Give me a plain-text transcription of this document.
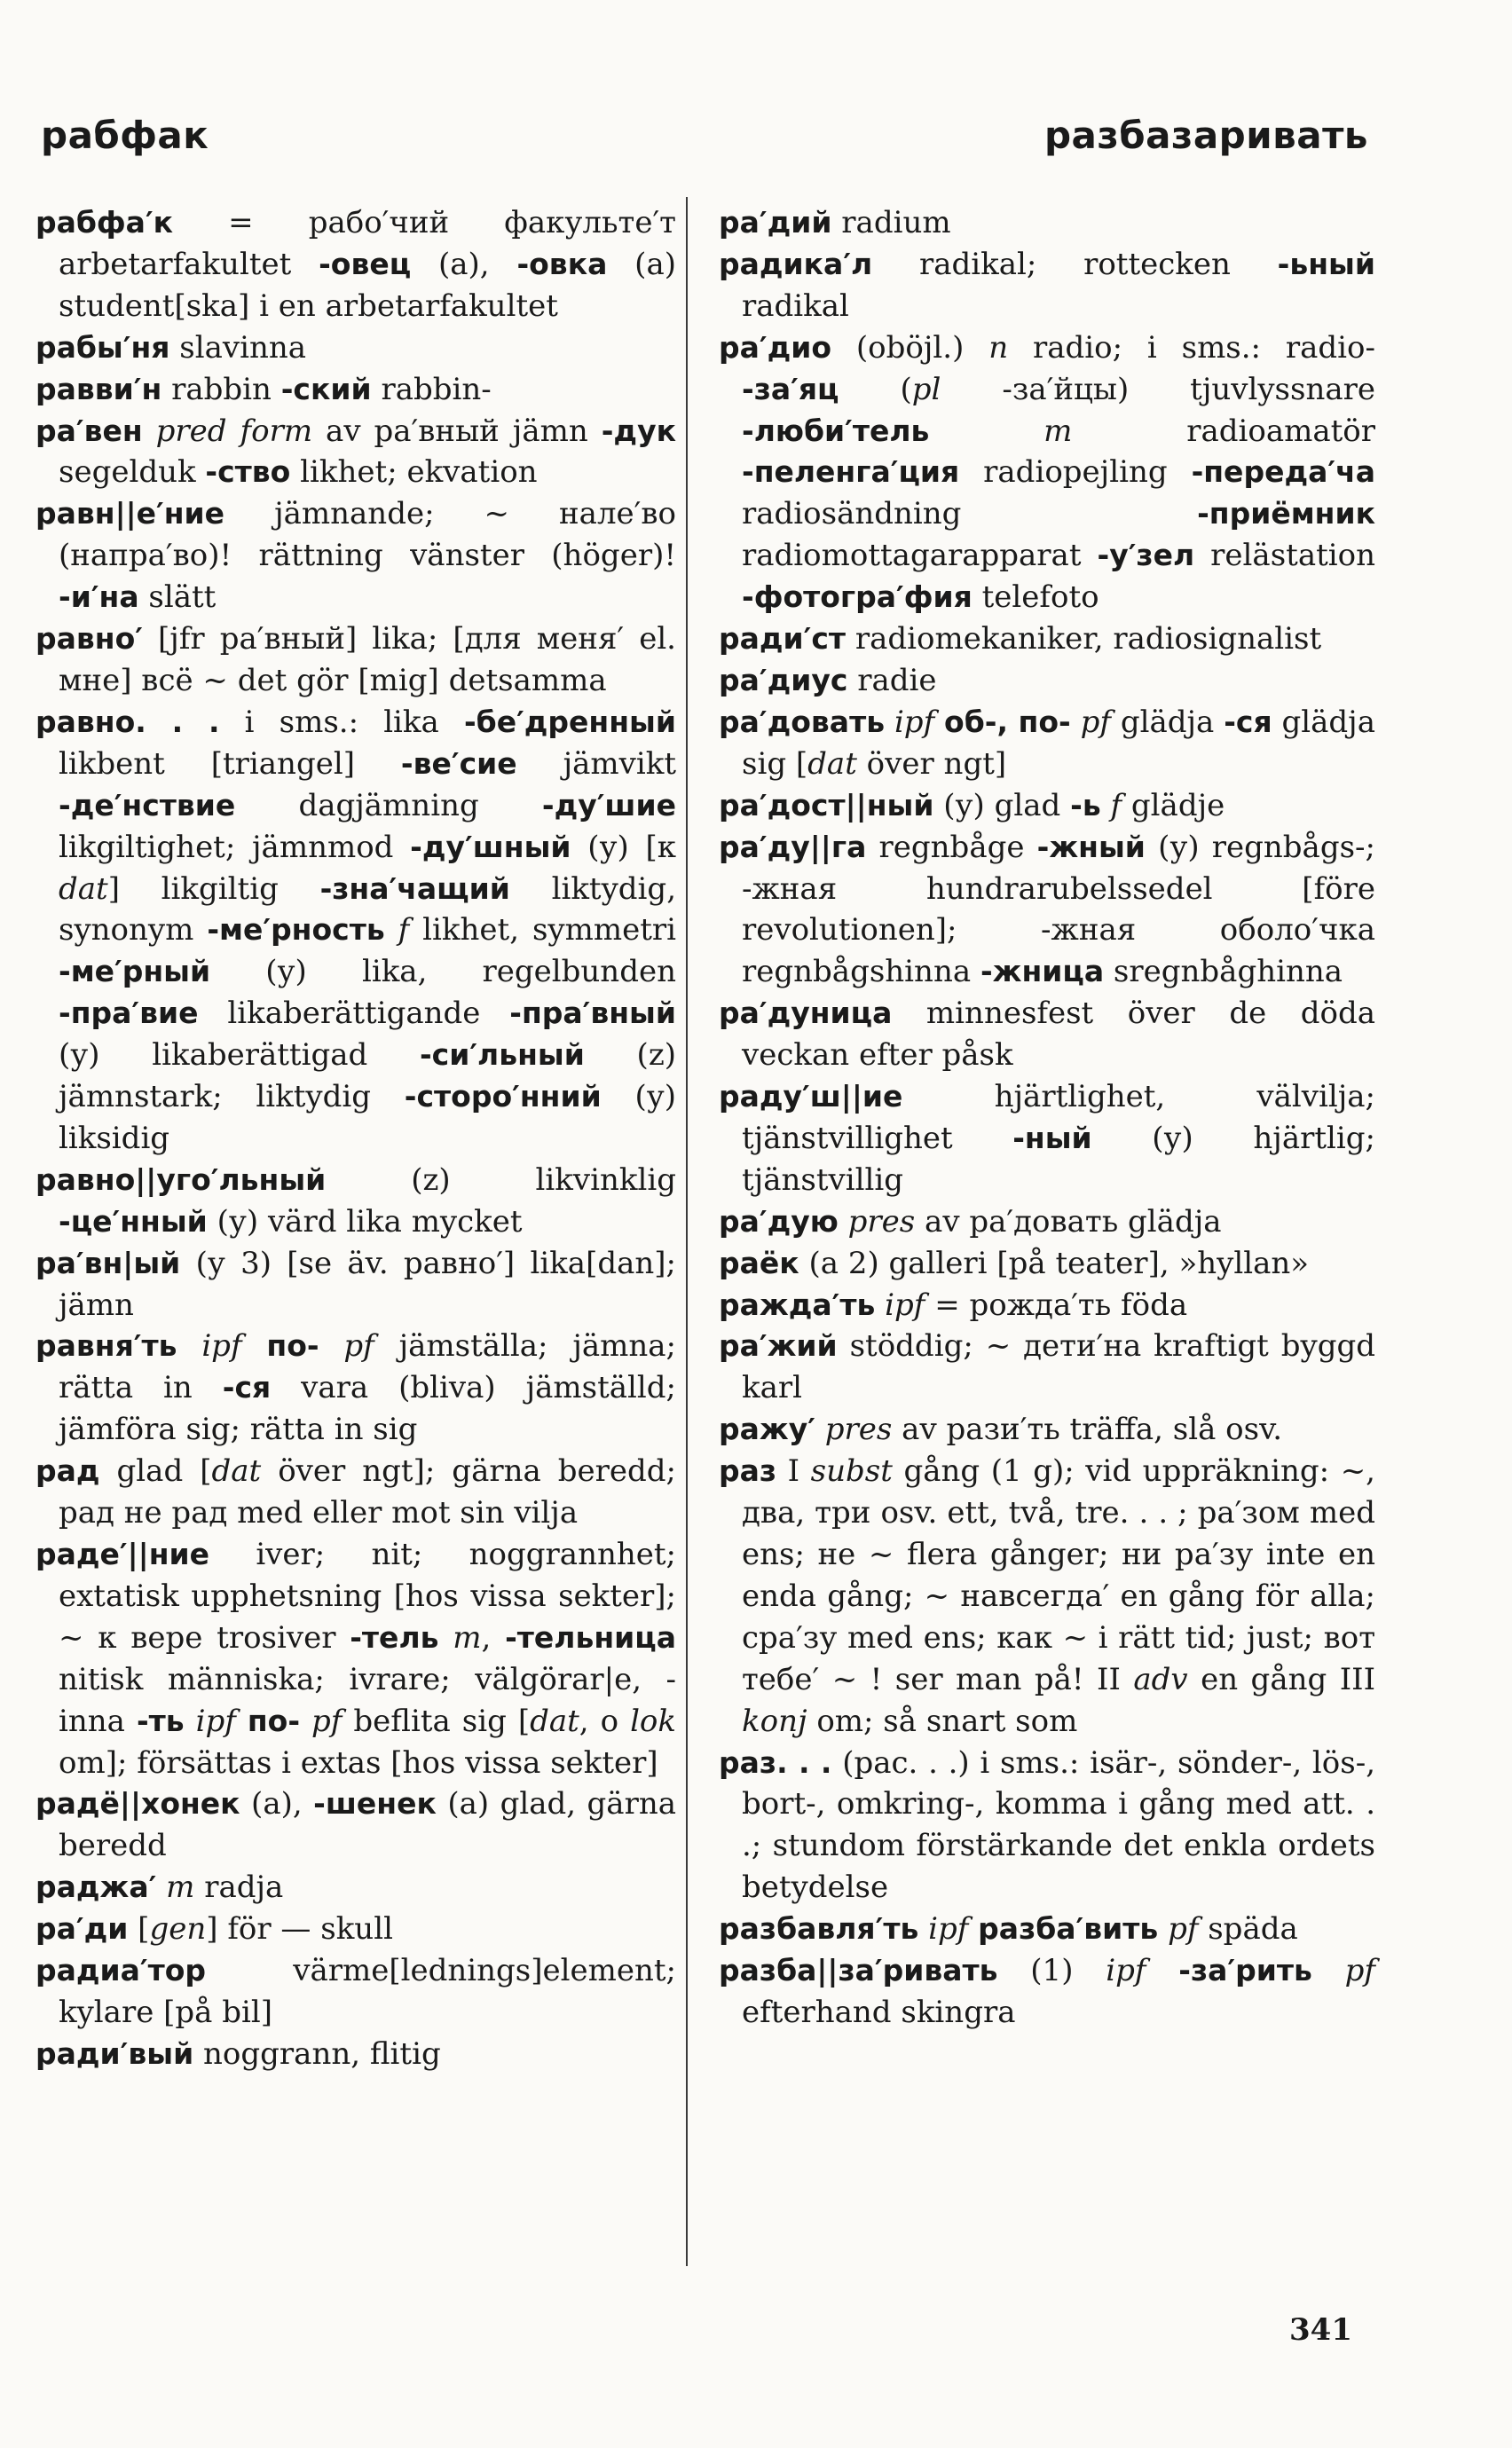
рабфак	разбазаривать
рабфа′к = рабо′чий факульте′т arbetarfakultet -овец (а), -овка (а) student[ska] i en arbetarfakultet
рабы′ня slavinna
равви′н rabbin -ский rabbin-
ра′вен pred form av ра′вный jämn -дук segelduk -ство likhet; ekvation
равн||е′ние jämnande; ~ нале′во (напра′во)! rättning vänster (höger)! -и′на slätt
равно′ [jfr ра′вный] lika; [для меня′ el. мне] всё ~ det gör [mig] detsamma
равно. . . i sms.: lika -бе′дренный likbent [triangel] -ве′сие jämvikt -де′нствие dagjämning -ду′шие likgiltighet; jämnmod -ду′шный (у) [к dat] likgiltig -зна′чащий liktydig, synonym -ме′рность f likhet, symmetri -ме′рный (у) lika, regelbunden -пра′вие likaberättigande -пра′вный (у) likaberättigad -си′льный (z) jämnstark; liktydig -сторо′нний (у) liksidig
равно||уго′льный (z) likvinklig -це′нный (у) värd lika mycket
ра′вн|ый (у 3) [se äv. равно′] lika[dan]; jämn
равня′ть ipf по- pf jämställa; jämna; rätta in -ся vara (bliva) jämställd; jämföra sig; rätta in sig
рад glad [dat över ngt]; gärna beredd; рад не рад med eller mot sin vilja
раде′||ние iver; nit; noggrannhet; extatisk upphetsning [hos vissa sekter]; ~ к вере trosiver -тель m, -тельница nitisk människa; ivrare; välgörar|e, -inna -ть ipf по- pf beflita sig [dat, о lok om]; försättas i extas [hos vissa sekter]
радё||хонек (а), -шенек (а) glad, gärna beredd
раджа′ m radja
ра′ди [gen] för — skull
радиа′тор värme[lednings]element; kylare [på bil]
ради′вый noggrann, flitig
ра′дий radium
радика′л radikal; rottecken -ьный radikal
ра′дио (oböjl.) n radio; i sms.: radio- -за′яц (pl -за′йцы) tjuvlyssnare -люби′тель	m radioamatör -пеленга′ция radiopejling -переда′ча radiosändning -приёмник radiomottagarapparat -у′зел relästation -фотогра′фия telefoto
ради′ст radiomekaniker, radiosignalist
ра′диус radie
ра′довать ipf об-, по- pf glädja -ся glädja sig [dat över ngt]
ра′дост||ный (у) glad -ь f glädje
ра′ду||га regnbåge -жный (у) regnbågs-; -жная hundrarubelssedel [före revolutionen]; -жная оболо′чка regnbågshinna -жница sregnbåghinna
ра′дуница minnesfest över de döda veckan efter påsk
раду′ш||ие hjärtlighet, välvilja; tjänstvillighet -ный (у) hjärtlig; tjänstvillig
ра′дую pres av ра′довать glädja
раёк (а 2) galleri [på teater], »hyllan»
ражда′ть ipf = рожда′ть föda
ра′жий stöddig; ~ дети′на kraftigt byggd karl
ражу′ pres av рази′ть träffa, slå osv.
раз I subst gång (1 g); vid uppräkning: ~, два, три osv. ett, två, tre. . . ; ра′зом med ens; не ~ flera gånger; ни ра′зу inte en enda gång; ~ навсегда′ en gång för alla; сра′зу med ens; как ~ i rätt tid; just; вот тебе′ ~ ! ser man på! II adv en gång III konj om; så snart som
раз. . . (рас. . .) i sms.: isär-, sönder-, lös-, bort-, omkring-, komma i gång med att. . .; stundom förstärkande det enkla ordets betydelse
разбавля′ть ipf разба′вить pf späda
разба||за′ривать (1) ipf -за′рить pf efterhand skingra
341
